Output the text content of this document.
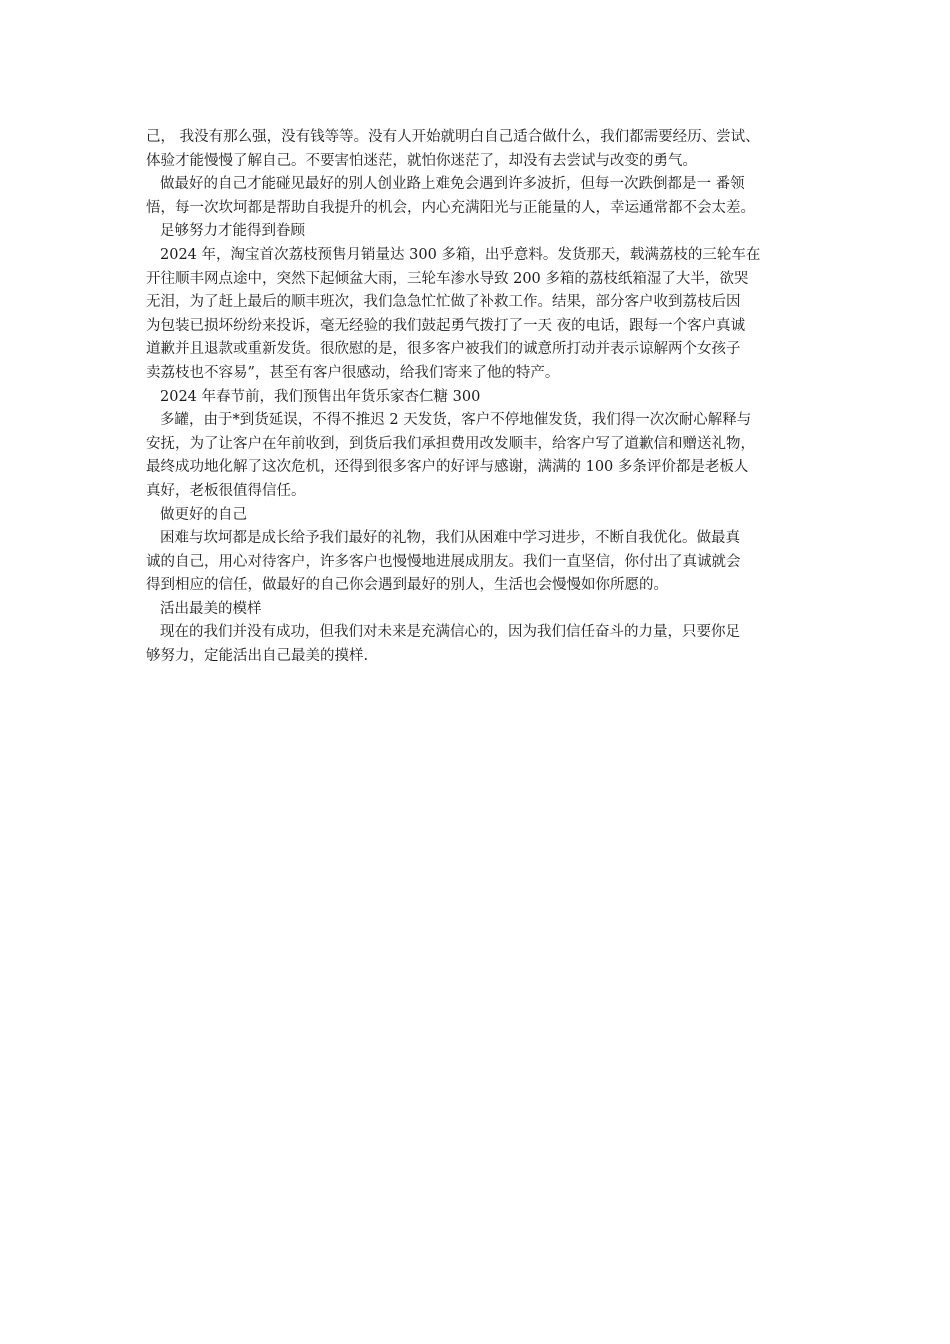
己， 我没有那么强，没有钱等等。没有人开始就明白自己适合做什么，我们都需要经历、尝试、
体验才能慢慢了解自己。不要害怕迷茫，就怕你迷茫了，却没有去尝试与改变的勇气。
做最好的自己才能碰见最好的别人创业路上难免会遇到许多波折，但每一次跌倒都是一 番领
悟，每一次坎坷都是帮助自我提升的机会，内心充满阳光与正能量的人，幸运通常都不会太差。
足够努力才能得到眷顾
2024 年，淘宝首次荔枝预售月销量达 300 多箱，出乎意料。发货那天，载满荔枝的三轮车在
开往顺丰网点途中，突然下起倾盆大雨，三轮车渗水导致 200 多箱的荔枝纸箱湿了大半，欲哭
无泪，为了赶上最后的顺丰班次，我们急急忙忙做了补救工作。结果，部分客户收到荔枝后因
为包装已损坏纷纷来投诉，毫无经验的我们鼓起勇气拨打了一天 夜的电话，跟每一个客户真诚
道歉并且退款或重新发货。很欣慰的是，很多客户被我们的诚意所打动并表示谅解两个女孩子
卖荔枝也不容易”，甚至有客户很感动，给我们寄来了他的特产。
2024 年春节前，我们预售出年货乐家杏仁糖 300
多罐，由于*到货延误，不得不推迟 2 天发货，客户不停地催发货，我们得一次次耐心解释与
安抚，为了让客户在年前收到，到货后我们承担费用改发顺丰，给客户写了道歉信和赠送礼物，
最终成功地化解了这次危机，还得到很多客户的好评与感谢，满满的 100 多条评价都是老板人
真好，老板很值得信任。
做更好的自己
困难与坎坷都是成长给予我们最好的礼物，我们从困难中学习进步，不断自我优化。做最真
诚的自己，用心对待客户，许多客户也慢慢地进展成朋友。我们一直坚信，你付出了真诚就会
得到相应的信任，做最好的自己你会遇到最好的别人，生活也会慢慢如你所愿的。
活出最美的模样
现在的我们并没有成功，但我们对未来是充满信心的，因为我们信任奋斗的力量，只要你足
够努力，定能活出自己最美的摸样.
